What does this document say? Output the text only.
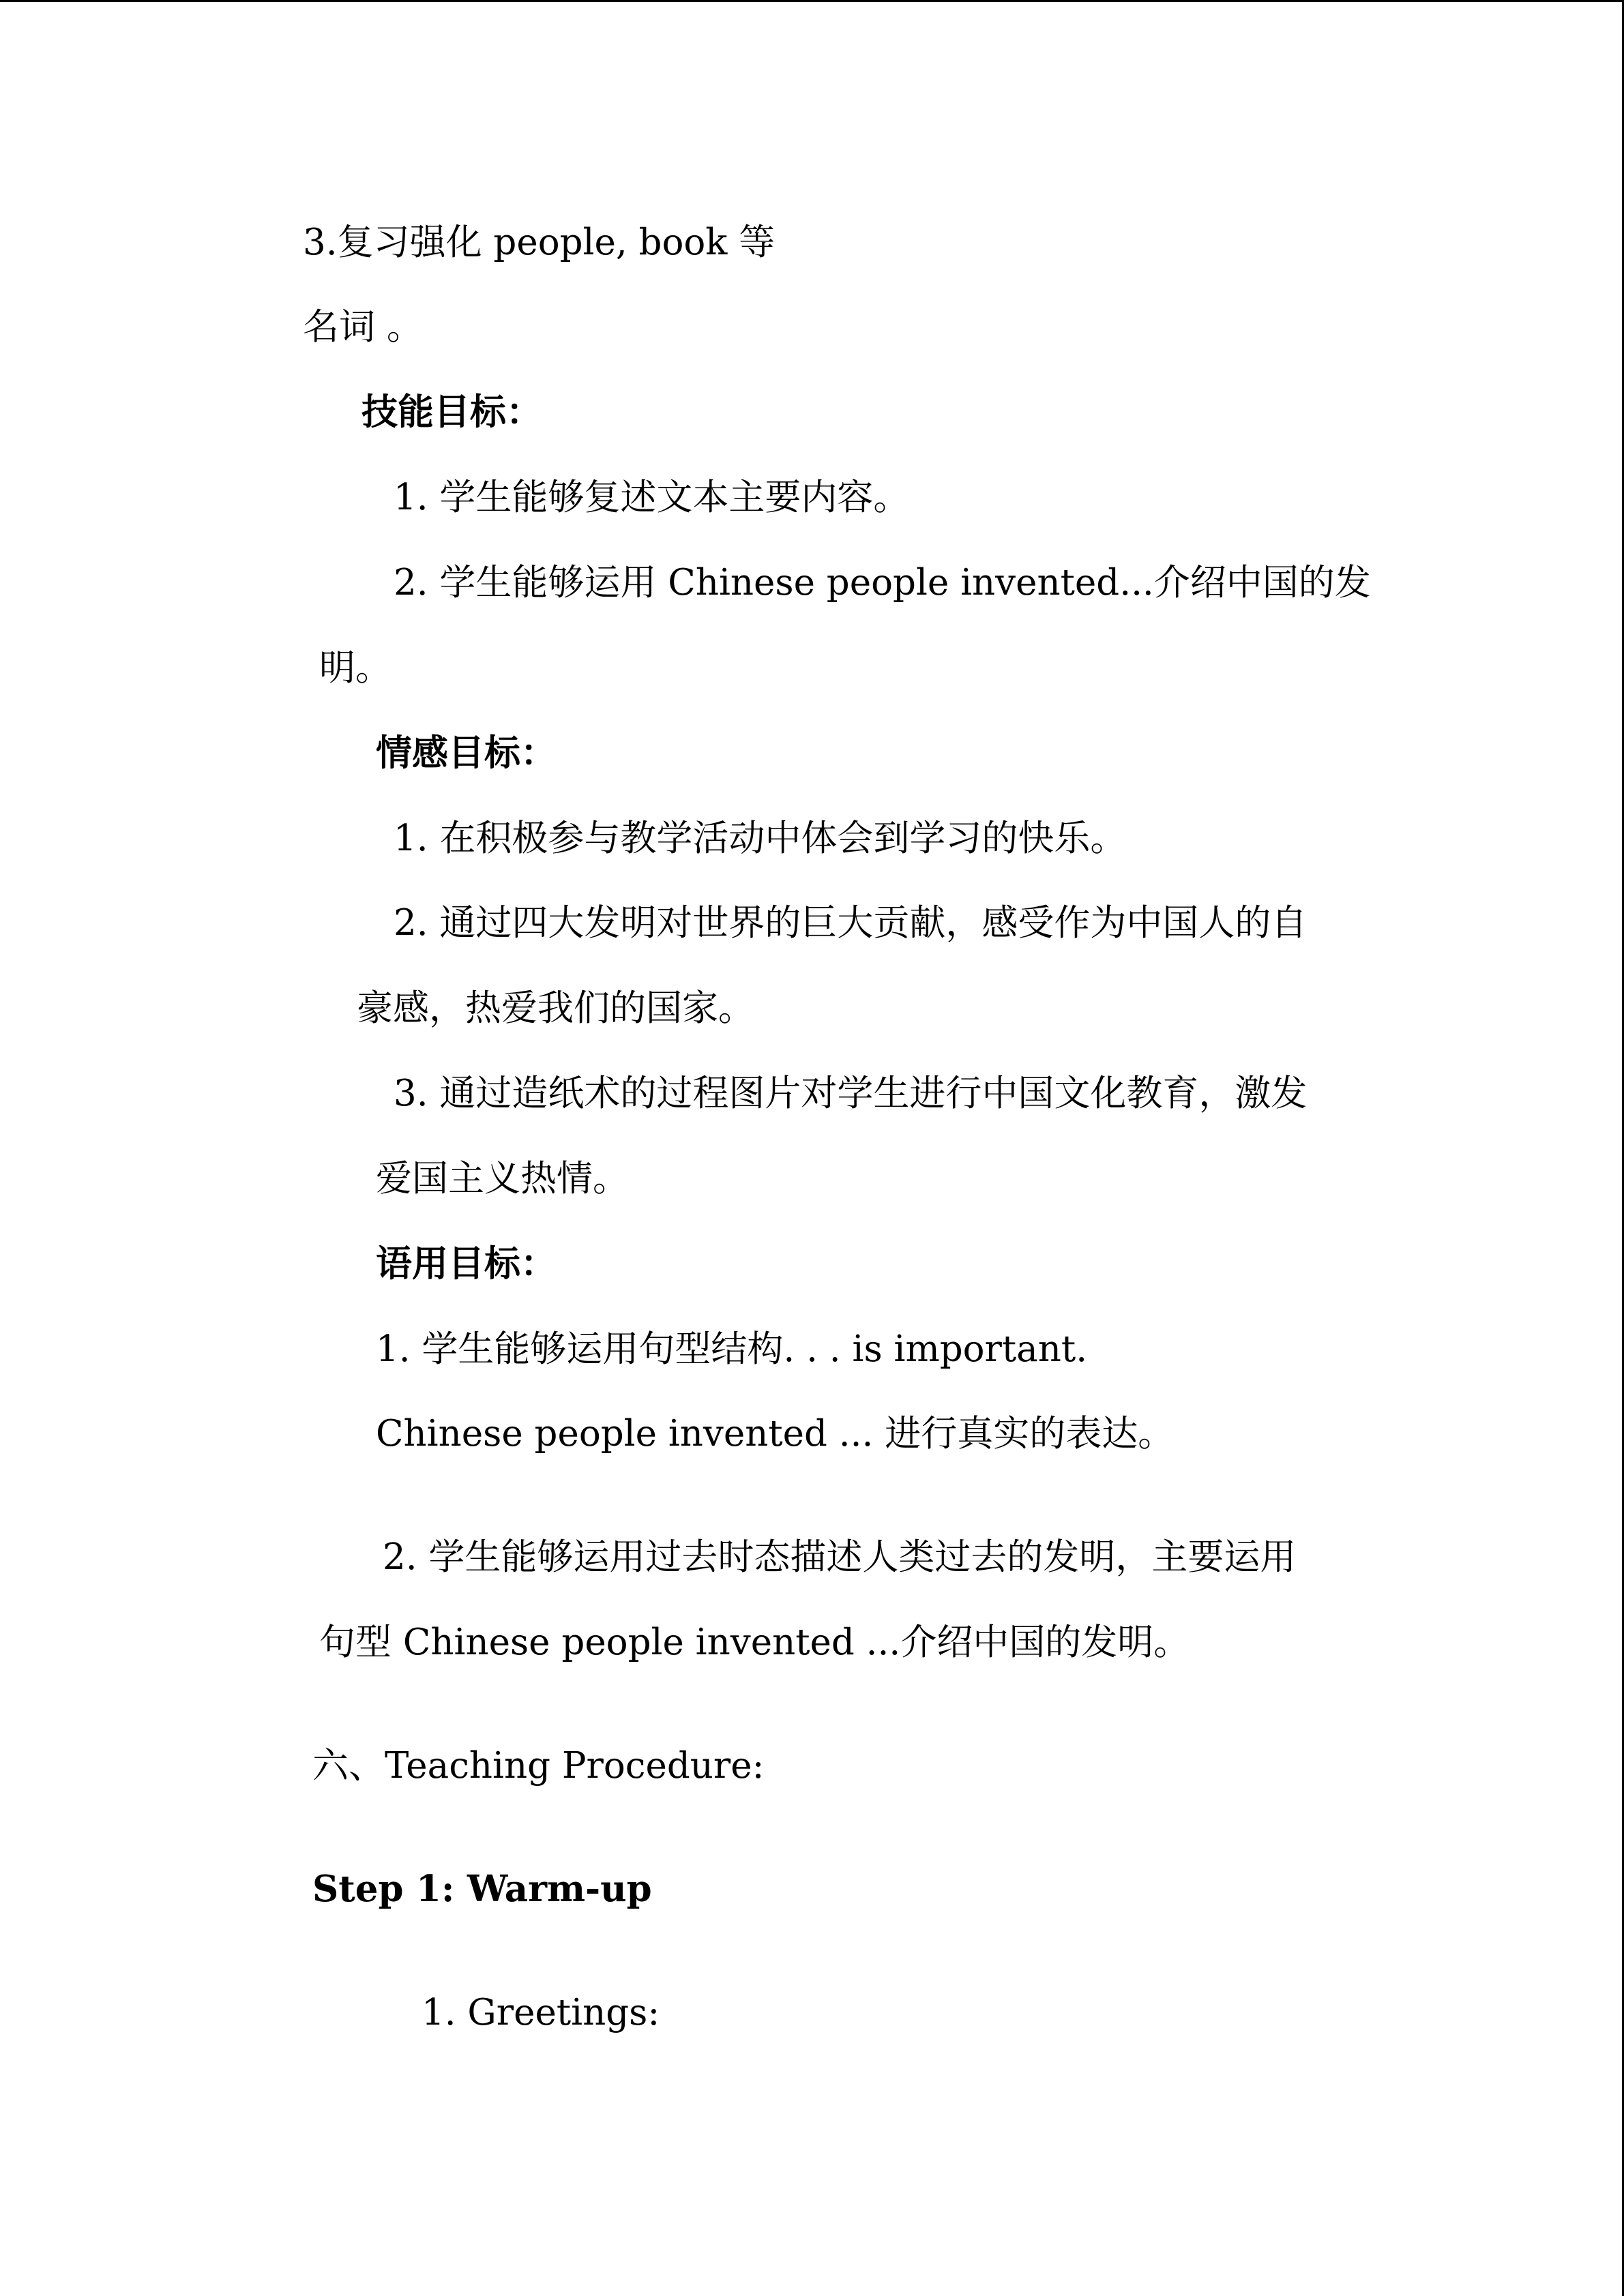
3.复习强化 people, book 等
名词 。
技能目标：
1. 学生能够复述文本主要内容。
2. 学生能够运用 Chinese people invented...介绍中国的发
明。
情感目标：
1. 在积极参与教学活动中体会到学习的快乐。
2. 通过四大发明对世界的巨大贡献，感受作为中国人的自
豪感，热爱我们的国家。
3. 通过造纸术的过程图片对学生进行中国文化教育，激发
爱国主义热情。
语用目标：
1. 学生能够运用句型结构. . . is important.
Chinese people invented ... 进行真实的表达。
2. 学生能够运用过去时态描述人类过去的发明，主要运用
句型 Chinese people invented ...介绍中国的发明。
六、Teaching Procedure:
Step 1: Warm-up
1. Greetings:
